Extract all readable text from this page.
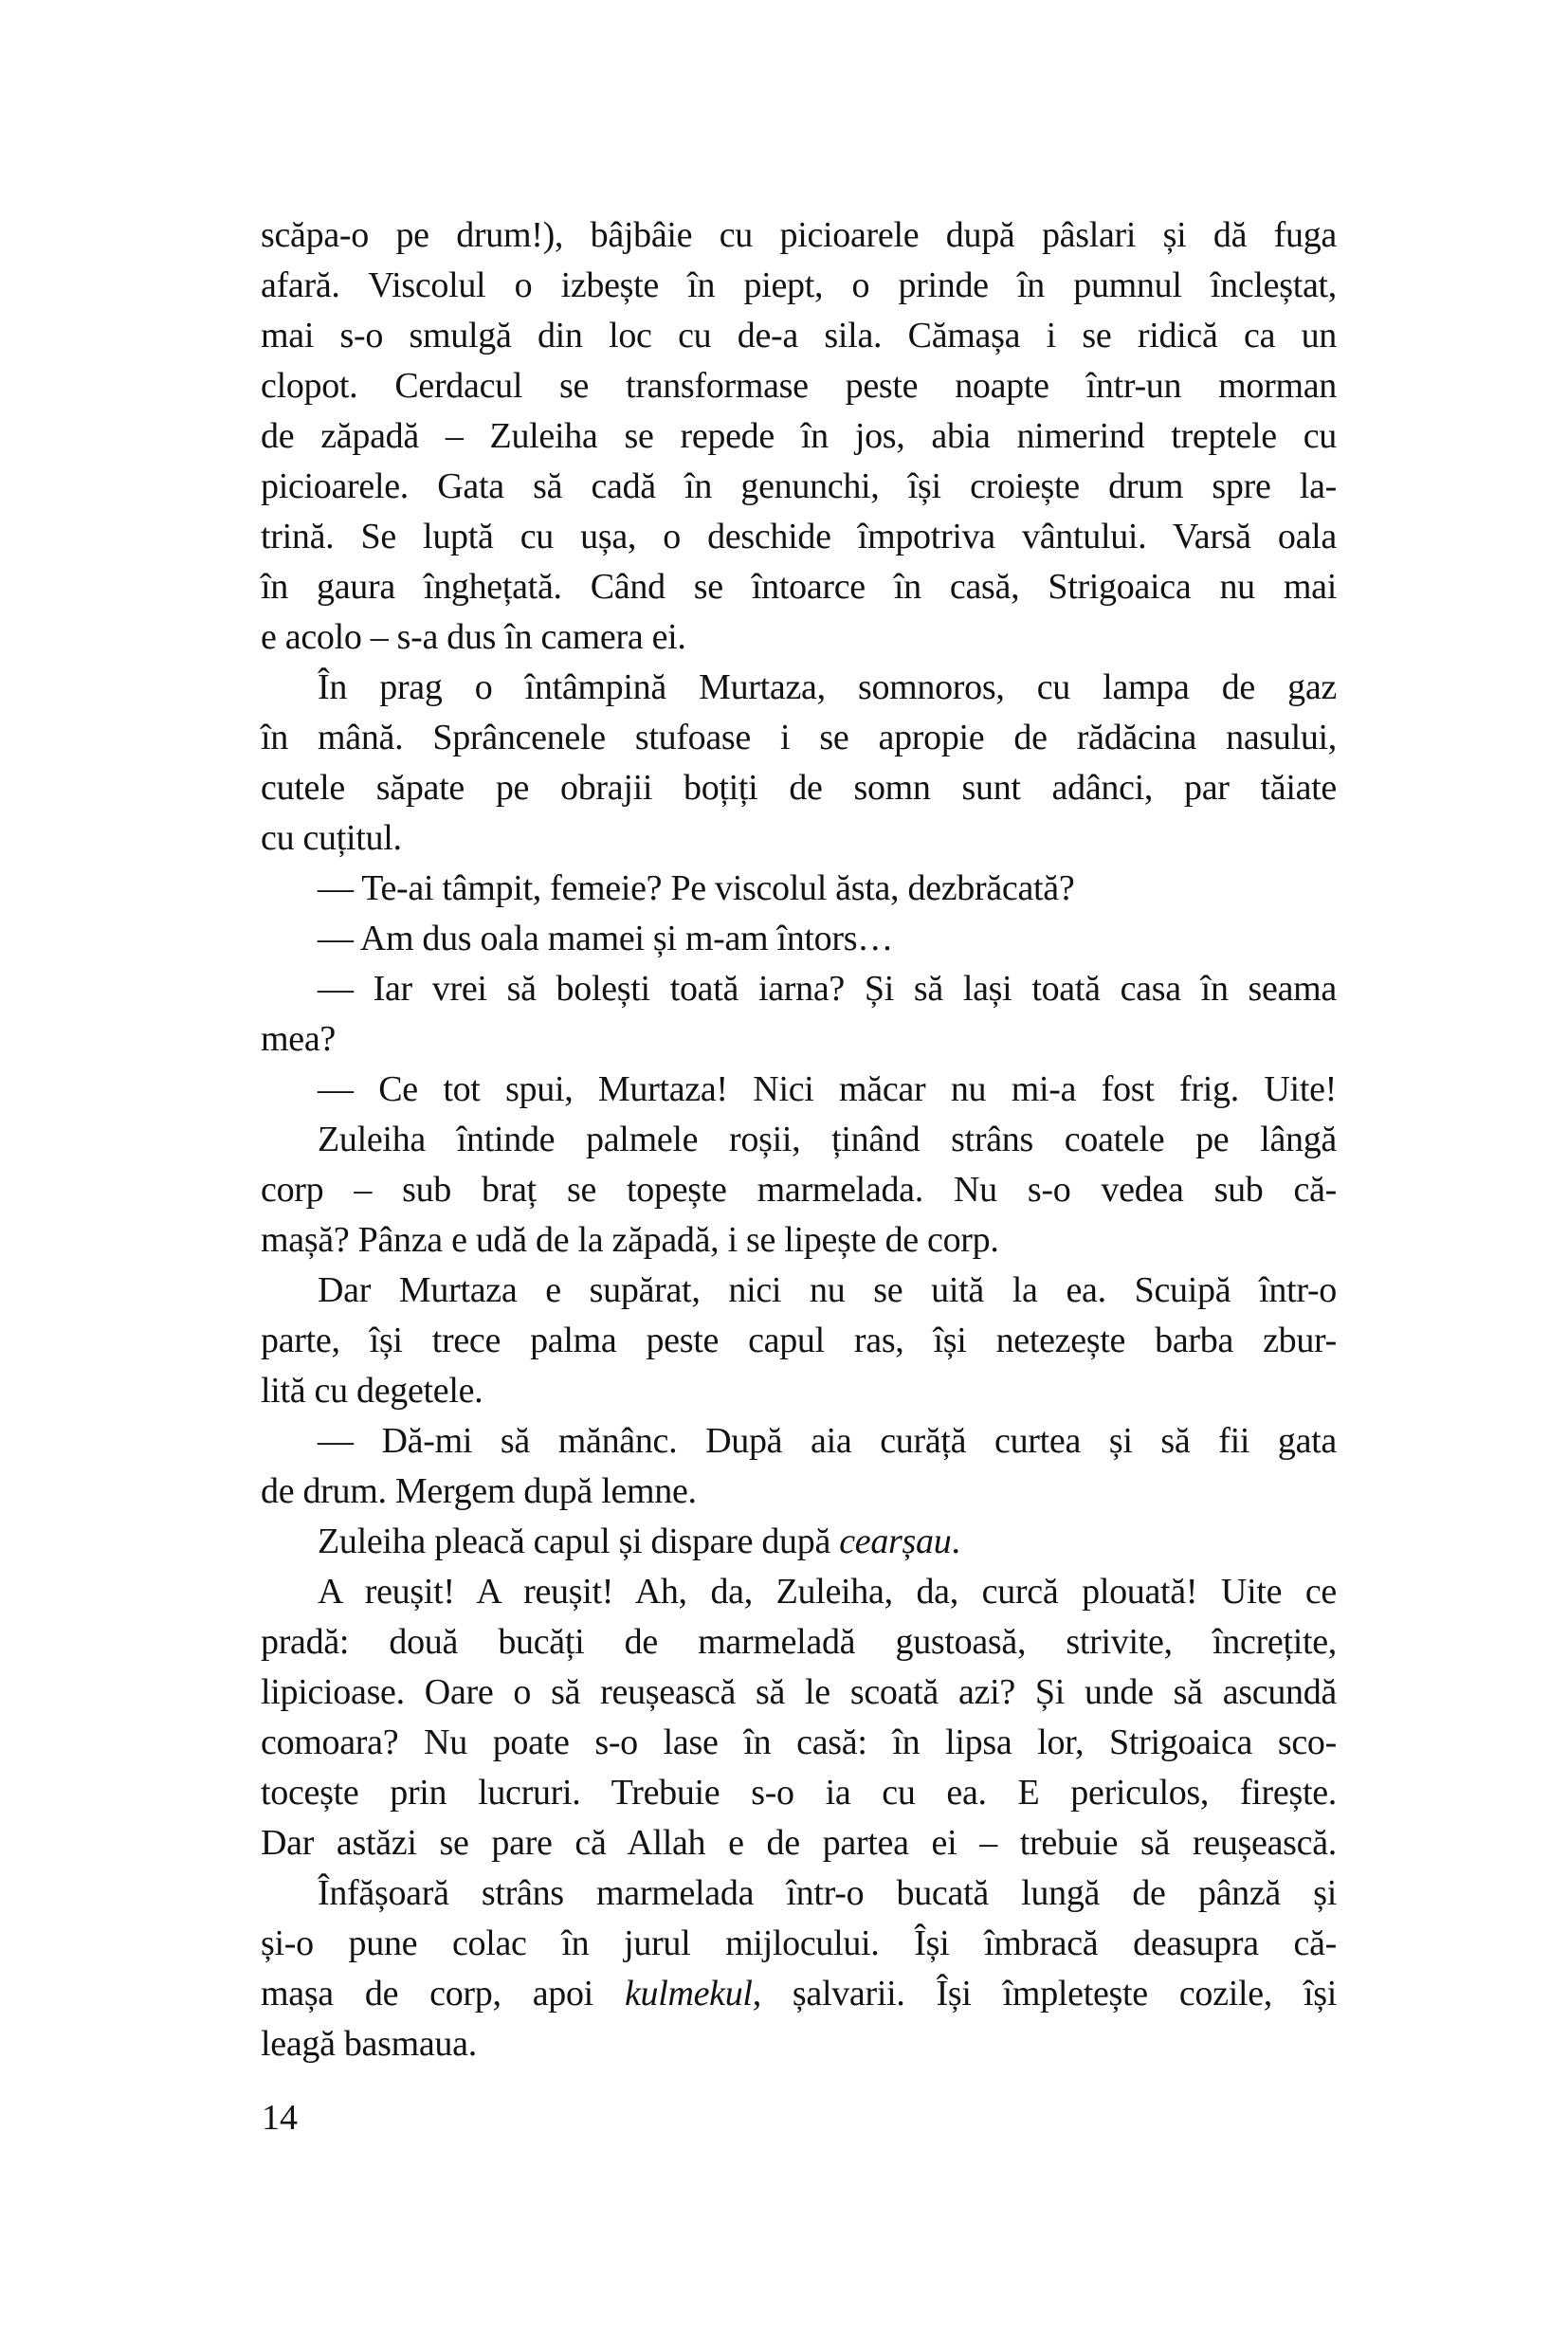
scăpa-o pe drum!), bâjbâie cu picioarele după pâslari și dă fuga
afară. Viscolul o izbește în piept, o prinde în pumnul încleștat,
mai s-o smulgă din loc cu de-a sila. Cămașa i se ridică ca un
clopot. Cerdacul se transformase peste noapte într-un morman
de zăpadă – Zuleiha se repede în jos, abia nimerind treptele cu
picioarele. Gata să cadă în genunchi, își croiește drum spre la-
trină. Se luptă cu ușa, o deschide împotriva vântului. Varsă oala
în gaura înghețată. Când se întoarce în casă, Strigoaica nu mai
e acolo – s-a dus în camera ei.
În prag o întâmpină Murtaza, somnoros, cu lampa de gaz
în mână. Sprâncenele stufoase i se apropie de rădăcina nasului,
cutele săpate pe obrajii boțiți de somn sunt adânci, par tăiate
cu cuțitul.
— Te-ai tâmpit, femeie? Pe viscolul ăsta, dezbrăcată?
— Am dus oala mamei și m-am întors…
— Iar vrei să bolești toată iarna? Și să lași toată casa în seama
mea?
— Ce tot spui, Murtaza! Nici măcar nu mi-a fost frig. Uite!
Zuleiha întinde palmele roșii, ținând strâns coatele pe lângă
corp – sub braț se topește marmelada. Nu s-o vedea sub că-
mașă? Pânza e udă de la zăpadă, i se lipește de corp.
Dar Murtaza e supărat, nici nu se uită la ea. Scuipă într-o
parte, își trece palma peste capul ras, își netezește barba zbur-
lită cu degetele.
— Dă-mi să mănânc. După aia curăță curtea și să fii gata
de drum. Mergem după lemne.
Zuleiha pleacă capul și dispare după cearșau.
A reușit! A reușit! Ah, da, Zuleiha, da, curcă plouată! Uite ce
pradă: două bucăți de marmeladă gustoasă, strivite, încrețite,
lipicioase. Oare o să reușească să le scoată azi? Și unde să ascundă
comoara? Nu poate s-o lase în casă: în lipsa lor, Strigoaica sco-
tocește prin lucruri. Trebuie s-o ia cu ea. E periculos, firește.
Dar astăzi se pare că Allah e de partea ei – trebuie să reușească.
Înfășoară strâns marmelada într-o bucată lungă de pânză și
și-o pune colac în jurul mijlocului. Își îmbracă deasupra că-
mașa de corp, apoi kulmekul, șalvarii. Își împletește cozile, își
leagă basmaua.
14
